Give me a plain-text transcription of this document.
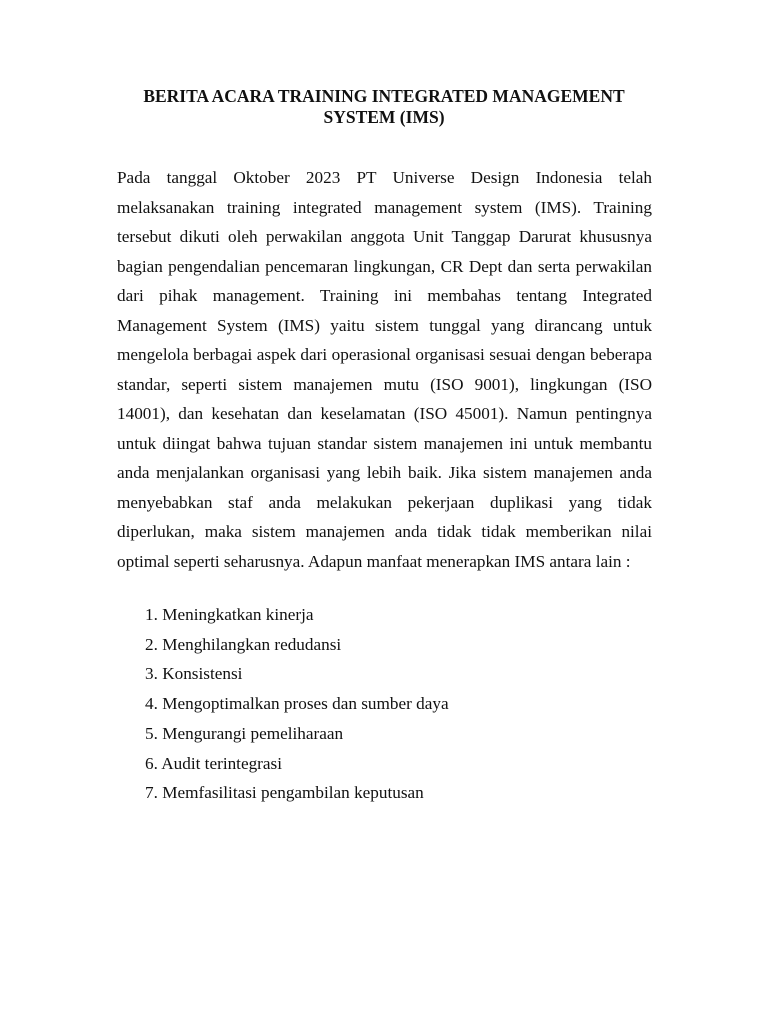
BERITA ACARA TRAINING INTEGRATED MANAGEMENT
SYSTEM (IMS)

Pada tanggal Oktober 2023 PT Universe Design Indonesia telah melaksanakan training integrated management system (IMS). Training tersebut dikuti oleh perwakilan anggota Unit Tanggap Darurat khususnya bagian pengendalian pencemaran lingkungan, CR Dept dan serta perwakilan dari pihak management. Training ini membahas tentang Integrated Management System (IMS) yaitu sistem tunggal yang dirancang untuk mengelola berbagai aspek dari operasional organisasi sesuai dengan beberapa standar, seperti sistem manajemen mutu (ISO 9001), lingkungan (ISO 14001), dan kesehatan dan keselamatan (ISO 45001). Namun pentingnya untuk diingat bahwa tujuan standar sistem manajemen ini untuk membantu anda menjalankan organisasi yang lebih baik. Jika sistem manajemen anda menyebabkan staf anda melakukan pekerjaan duplikasi yang tidak diperlukan, maka sistem manajemen anda tidak tidak memberikan nilai optimal seperti seharusnya. Adapun manfaat menerapkan IMS antara lain :

1. Meningkatkan kinerja
2. Menghilangkan redudansi
3. Konsistensi
4. Mengoptimalkan proses dan sumber daya
5. Mengurangi pemeliharaan
6. Audit terintegrasi
7. Memfasilitasi pengambilan keputusan
